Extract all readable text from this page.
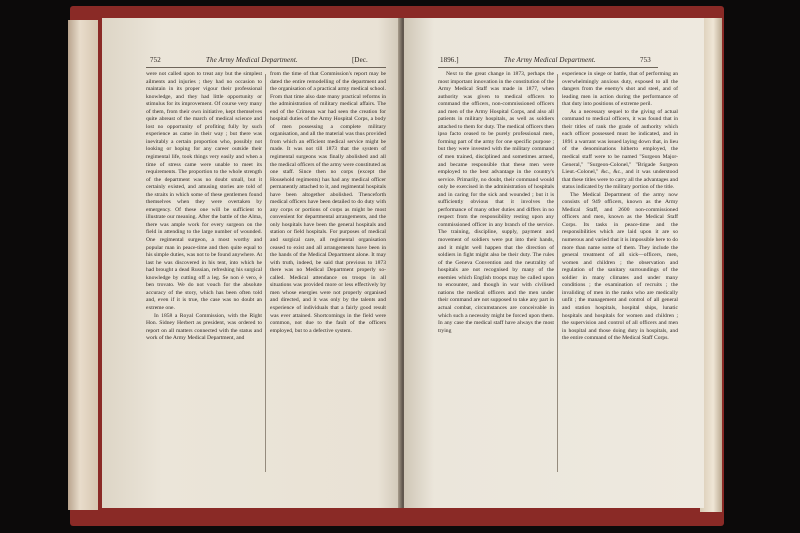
752	The Army Medical Department.	[Dec.

were not called upon to treat any but the simplest ailments and injuries ; they had no occasion to maintain in its proper vigour their professional knowledge, and they had little opportunity or stimulus for its improvement. Of course very many of them, from their own initiative, kept themselves quite abreast of the march of medical science and lost no opportunity of profiting fully by such experience as came in their way ; but there was inevitably a certain proportion who, possibly not looking or hoping for any career outside their regimental life, took things very easily and when a time of stress came were unable to meet its requirements. The proportion to the whole strength of the department was no doubt small, but it certainly existed, and amusing stories are told of the straits in which some of these gentlemen found themselves when they were overtaken by emergency. Of these one will be sufficient to illustrate our meaning. After the battle of the Alma, there was ample work for every surgeon on the field in attending to the large number of wounded. One regimental surgeon, a most worthy and popular man in peace-time and then quite equal to his simple duties, was not to be found anywhere. At last he was discovered in his tent, into which he had brought a dead Russian, refreshing his surgical knowledge by cutting off a leg. Se non è vero, è ben trovato. We do not vouch for the absolute accuracy of the story, which has been often told and, even if it is true, the case was no doubt an extreme one.

In 1858 a Royal Commission, with the Right Hon. Sidney Herbert as president, was ordered to report on all matters connected with the status and work of the Army Medical Department, and

from the time of that Commission's report may be dated the entire remodelling of the department and the organisation of a practical army medical school. From that time also date many practical reforms in the administration of military medical affairs. The end of the Crimean war had seen the creation for hospital duties of the Army Hospital Corps, a body of men possessing a complete military organisation, and all the material was thus provided from which an efficient medical service might be made. It was not till 1873 that the system of regimental surgeons was finally abolished and all the medical officers of the army were constituted as one staff. Since then no corps (except the Household regiments) has had any medical officer permanently attached to it, and regimental hospitals have been altogether abolished. Thenceforth medical officers have been detailed to do duty with any corps or portions of corps as might be most convenient for departmental arrangements, and the only hospitals have been the general hospitals and station or field hospitals. For purposes of medical and surgical care, all regimental organisation ceased to exist and all arrangements have been in the hands of the Medical Department alone. It may with truth, indeed, be said that previous to 1873 there was no Medical Department properly so-called. Medical attendance on troops in all situations was provided more or less effectively by men whose energies were not properly organised and directed, and it was only by the talents and experience of individuals that a fairly good result was ever attained. Shortcomings in the field were common, not due to the fault of the officers employed, but to a defective system.

1896.]	The Army Medical Department.	753

Next to the great change in 1873, perhaps the most important innovation in the constitution of the Army Medical Staff was made in 1877, when authority was given to medical officers to command the officers, non-commissioned officers and men of the Army Hospital Corps, and also all patients in military hospitals, as well as soldiers attached to them for duty. The medical officers then ipso facto ceased to be purely professional men, forming part of the army for one specific purpose ; but they were invested with the military command of men trained, disciplined and sometimes armed, and became responsible that these men were employed to the best advantage in the country's service. Primarily, no doubt, their command would only be exercised in the administration of hospitals and in caring for the sick and wounded ; but it is sufficiently obvious that it involves the performance of many other duties and differs in no respect from the responsibility resting upon any commissioned officer in any branch of the service. The training, discipline, supply, payment and movement of soldiers were put into their hands, and it might well happen that the direction of soldiers in fight might also be their duty. The rules of the Geneva Convention and the neutrality of hospitals are not recognised by many of the enemies which English troops may be called upon to encounter, and though in war with civilised nations the medical officers and the men under their command are not supposed to take any part in actual combat, circumstances are conceivable in which such a necessity might be forced upon them. In any case the medical staff have always the most trying

experience in siege or battle, that of performing an overwhelmingly anxious duty, exposed to all the dangers from the enemy's shot and steel, and of leading men in action during the performance of that duty into positions of extreme peril.

As a necessary sequel to the giving of actual command to medical officers, it was found that in their titles of rank the grade of authority which each officer possessed must be indicated, and in 1891 a warrant was issued laying down that, in lieu of the denominations hitherto employed, the medical staff were to be named "Surgeon Major-General," "Surgeon-Colonel," "Brigade Surgeon Lieut.-Colonel," &c., &c., and it was understood that these titles were to carry all the advantages and status indicated by the military portion of the title.

The Medical Department of the army now consists of 949 officers, known as the Army Medical Staff, and 2600 non-commissioned officers and men, known as the Medical Staff Corps. Its tasks in peace-time and the responsibilities which are laid upon it are so numerous and varied that it is impossible here to do more than name some of them. They include the general treatment of all sick—officers, men, women and children ; the observation and regulation of the sanitary surroundings of the soldier in many climates and under many conditions ; the examination of recruits ; the invaliding of men in the ranks who are medically unfit ; the management and control of all general and station hospitals, hospital ships, lunatic hospitals and hospitals for women and children ; the supervision and control of all officers and men in hospital and those doing duty in hospitals, and the entire command of the Medical Staff Corps.
